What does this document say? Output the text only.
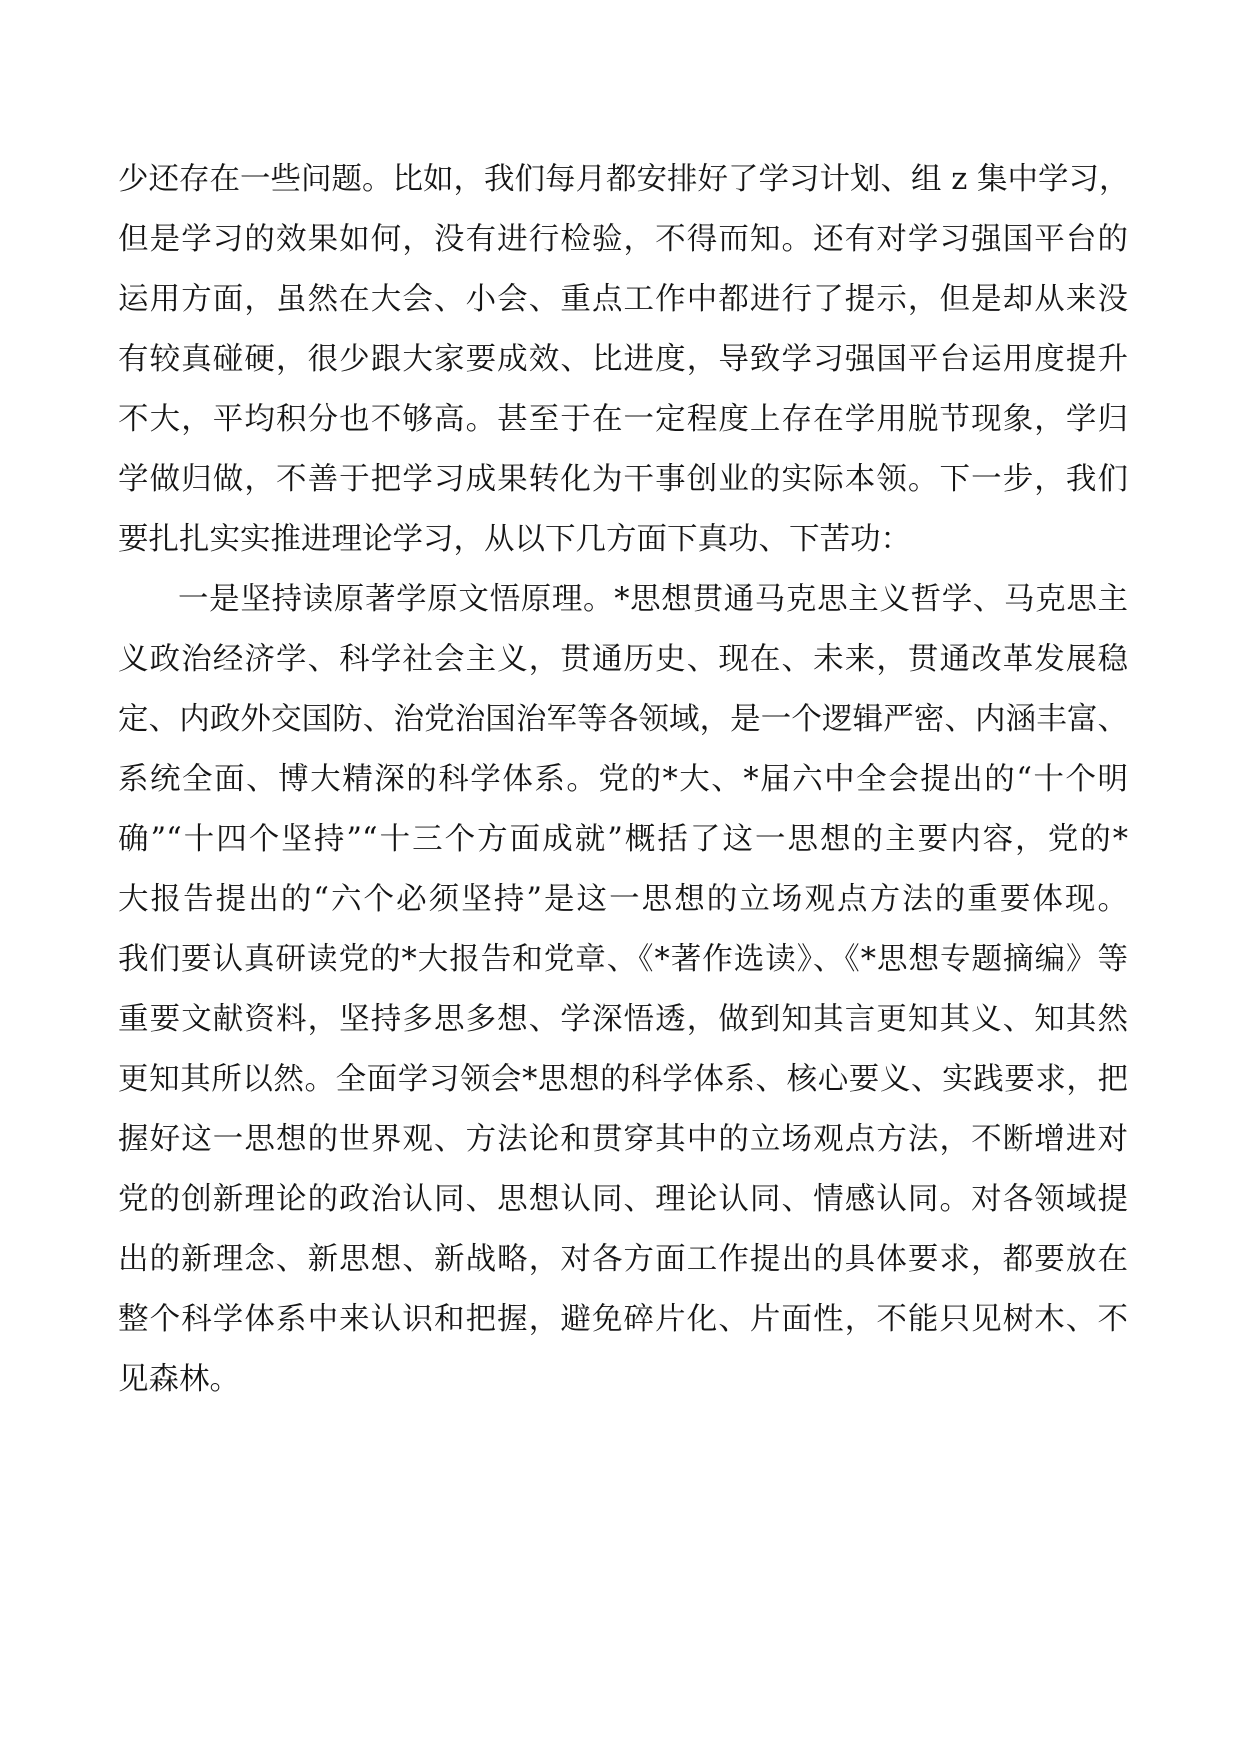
少还存在一些问题。比如，我们每月都安排好了学习计划、组 z 集中学习，
但是学习的效果如何，没有进行检验，不得而知。还有对学习强国平台的
运用方面，虽然在大会、小会、重点工作中都进行了提示，但是却从来没
有较真碰硬，很少跟大家要成效、比进度，导致学习强国平台运用度提升
不大，平均积分也不够高。甚至于在一定程度上存在学用脱节现象，学归
学做归做，不善于把学习成果转化为干事创业的实际本领。下一步，我们
要扎扎实实推进理论学习，从以下几方面下真功、下苦功：
一是坚持读原著学原文悟原理。*思想贯通马克思主义哲学、马克思主
义政治经济学、科学社会主义，贯通历史、现在、未来，贯通改革发展稳
定、内政外交国防、治党治国治军等各领域，是一个逻辑严密、内涵丰富、
系统全面、博大精深的科学体系。党的*大、*届六中全会提出的“十个明
确”“十四个坚持”“十三个方面成就”概括了这一思想的主要内容，党的*
大报告提出的“六个必须坚持”是这一思想的立场观点方法的重要体现。
我们要认真研读党的*大报告和党章、《*著作选读》、《*思想专题摘编》等
重要文献资料，坚持多思多想、学深悟透，做到知其言更知其义、知其然
更知其所以然。全面学习领会*思想的科学体系、核心要义、实践要求，把
握好这一思想的世界观、方法论和贯穿其中的立场观点方法，不断增进对
党的创新理论的政治认同、思想认同、理论认同、情感认同。对各领域提
出的新理念、新思想、新战略，对各方面工作提出的具体要求，都要放在
整个科学体系中来认识和把握，避免碎片化、片面性，不能只见树木、不
见森林。
